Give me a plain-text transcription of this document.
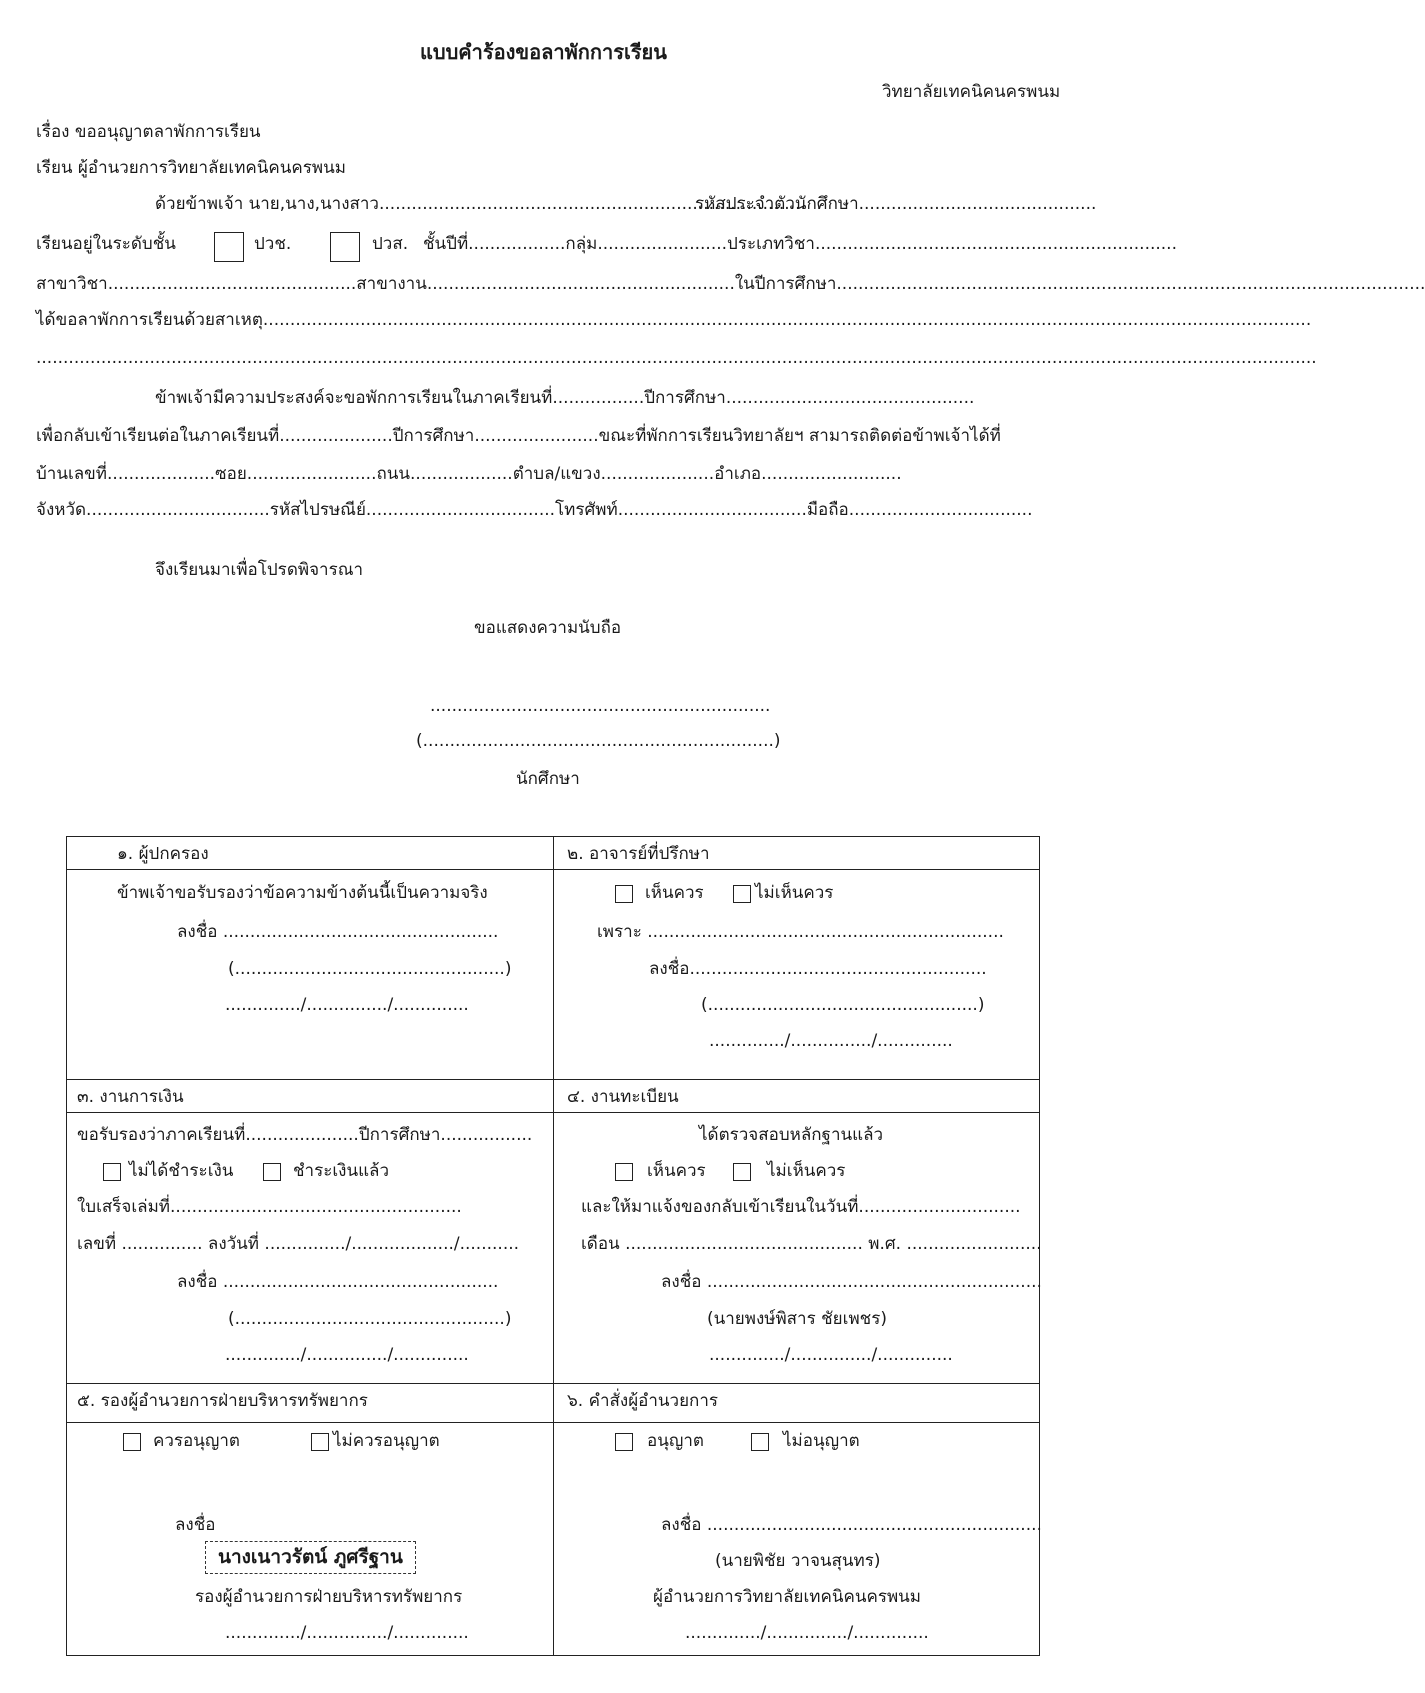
แบบคำร้องขอลาพักการเรียน
วิทยาลัยเทคนิคนครพนม
เรื่อง ขออนุญาตลาพักการเรียน
เรียน ผู้อำนวยการวิทยาลัยเทคนิคนครพนม
ด้วยข้าพเจ้า นาย,นาง,นางสาว...............................................................................
รหัสประจำตัวนักศึกษา............................................
เรียนอยู่ในระดับชั้น	ปวช.	ปวส. ชั้นปีที่..................กลุ่ม........................ประเภทวิชา...................................................................
สาขาวิชา..............................................สาขางาน.........................................................ในปีการศึกษา.............................................................................................................
ได้ขอลาพักการเรียนด้วยสาเหตุ..................................................................................................................................................................................................
.............................................................................................................................................................................................................................................
ข้าพเจ้ามีความประสงค์จะขอพักการเรียนในภาคเรียนที่.................ปีการศึกษา..............................................
เพื่อกลับเข้าเรียนต่อในภาคเรียนที่.....................ปีการศึกษา.......................ขณะที่พักการเรียนวิทยาลัยฯ สามารถติดต่อข้าพเจ้าได้ที่
บ้านเลขที่....................ซอย........................ถนน...................ตำบล/แขวง.....................อำเภอ..........................
จังหวัด..................................รหัสไปรษณีย์...................................โทรศัพท์...................................มือถือ..................................
จึงเรียนมาเพื่อโปรดพิจารณา
ขอแสดงความนับถือ
...............................................................
(.................................................................)
นักศึกษา
๑. ผู้ปกครอง
ข้าพเจ้าขอรับรองว่าข้อความข้างต้นนี้เป็นความจริง
ลงชื่อ ...................................................
(..................................................)
............../.............../..............
๒. อาจารย์ที่ปรึกษา
เห็นควร	ไม่เห็นควร
เพราะ ..................................................................
ลงชื่อ.......................................................
(..................................................)
............../.............../..............
๓. งานการเงิน
ขอรับรองว่าภาคเรียนที่.....................ปีการศึกษา.................
ไม่ได้ชำระเงิน	ชำระเงินแล้ว
ใบเสร็จเล่มที่......................................................
เลขที่ ............... ลงวันที่ .............../.................../...........
ลงชื่อ ...................................................
(..................................................)
............../.............../..............
๔. งานทะเบียน
ได้ตรวจสอบหลักฐานแล้ว
เห็นควร	ไม่เห็นควร
และให้มาแจ้งของกลับเข้าเรียนในวันที่..............................
เดือน ............................................ พ.ศ. .........................
ลงชื่อ ..............................................................
(นายพงษ์พิสาร ชัยเพชร)
............../.............../..............
๕. รองผู้อำนวยการฝ่ายบริหารทรัพยากร
ควรอนุญาต	ไม่ควรอนุญาต
ลงชื่อ
นางเนาวรัตน์ ภูศรีฐาน
รองผู้อำนวยการฝ่ายบริหารทรัพยากร
............../.............../..............
๖. คำสั่งผู้อำนวยการ
อนุญาต	ไม่อนุญาต
ลงชื่อ ..............................................................
(นายพิชัย วาจนสุนทร)
ผู้อำนวยการวิทยาลัยเทคนิคนครพนม
............../.............../..............
